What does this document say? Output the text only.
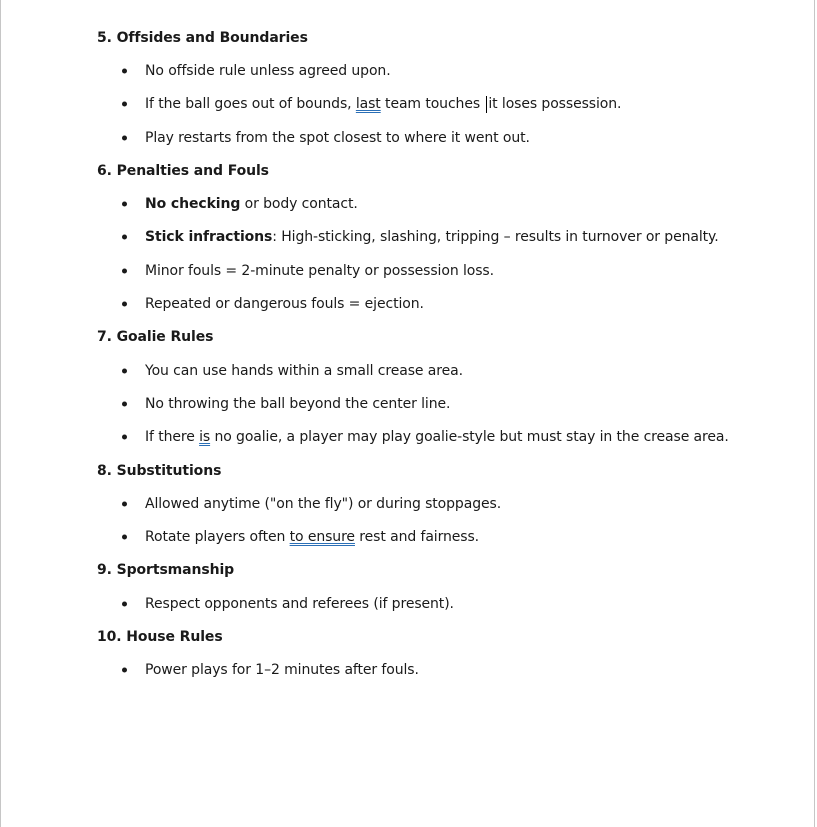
5. Offsides and Boundaries
No offside rule unless agreed upon.
If the ball goes out of bounds, last team touches it loses possession.
Play restarts from the spot closest to where it went out.
6. Penalties and Fouls
No checking or body contact.
Stick infractions : High-sticking, slashing, tripping – results in turnover or penalty.
Minor fouls = 2-minute penalty or possession loss.
Repeated or dangerous fouls = ejection.
7. Goalie Rules
You can use hands within a small crease area.
No throwing the ball beyond the center line.
If there is no goalie, a player may play goalie-style but must stay in the crease area.
8. Substitutions
Allowed anytime ("on the fly") or during stoppages.
Rotate players often to ensure rest and fairness.
9. Sportsmanship
Respect opponents and referees (if present).
10. House Rules
Power plays for 1–2 minutes after fouls.
